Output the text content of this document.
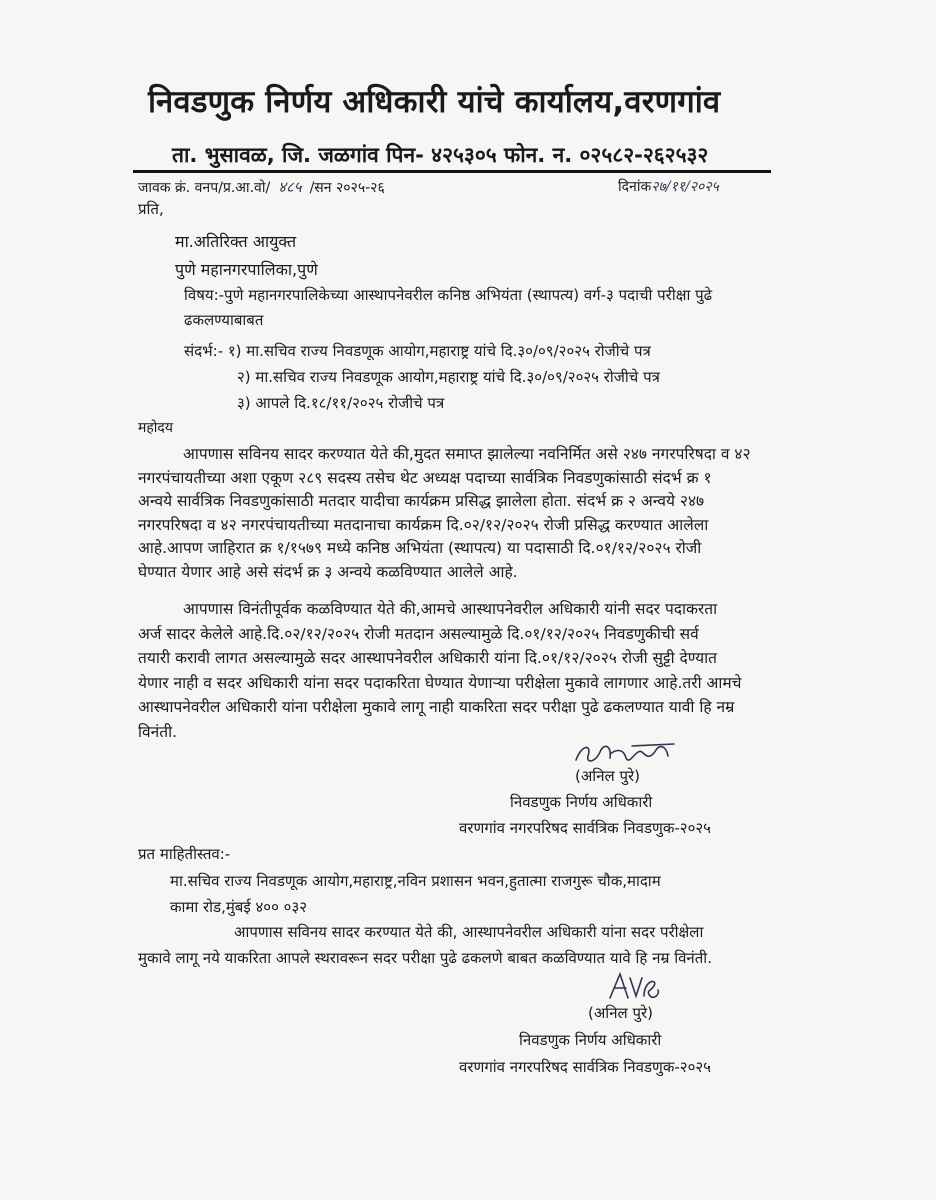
निवडणुक निर्णय अधिकारी यांचे कार्यालय,वरणगांव
ता. भुसावळ, जि. जळगांव पिन- ४२५३०५ फोन. न. ०२५८२-२६२५३२
जावक क्रं. वनप/प्र.आ.वो/ ४८५ /सन २०२५-२६	दिनांक२७/११/२०२५
प्रति,
मा.अतिरिक्त आयुक्त
पुणे महानगरपालिका,पुणे
विषय:-पुणे महानगरपालिकेच्या आस्थापनेवरील कनिष्ठ अभियंता (स्थापत्य) वर्ग-३ पदाची परीक्षा पुढे
ढकलण्याबाबत
संदर्भ:- १) मा.सचिव राज्य निवडणूक आयोग,महाराष्ट्र यांचे दि.३०/०९/२०२५ रोजीचे पत्र
२) मा.सचिव राज्य निवडणूक आयोग,महाराष्ट्र यांचे दि.३०/०९/२०२५ रोजीचे पत्र
३) आपले दि.१८/११/२०२५ रोजीचे पत्र
महोदय
आपणास सविनय सादर करण्यात येते की,मुदत समाप्त झालेल्या नवनिर्मित असे २४७ नगरपरिषदा व ४२
नगरपंचायतीच्या अशा एकूण २८९ सदस्य तसेच थेट अध्यक्ष पदाच्या सार्वत्रिक निवडणुकांसाठी संदर्भ क्र १
अन्वये सार्वत्रिक निवडणुकांसाठी मतदार यादीचा कार्यक्रम प्रसिद्ध झालेला होता. संदर्भ क्र २ अन्वये २४७
नगरपरिषदा व ४२ नगरपंचायतीच्या मतदानाचा कार्यक्रम दि.०२/१२/२०२५ रोजी प्रसिद्ध करण्यात आलेला
आहे.आपण जाहिरात क्र १/१५७९ मध्ये कनिष्ठ अभियंता (स्थापत्य) या पदासाठी दि.०१/१२/२०२५ रोजी
घेण्यात येणार आहे असे संदर्भ क्र ३ अन्वये कळविण्यात आलेले आहे.
आपणास विनंतीपूर्वक कळविण्यात येते की,आमचे आस्थापनेवरील अधिकारी यांनी सदर पदाकरता
अर्ज सादर केलेले आहे.दि.०२/१२/२०२५ रोजी मतदान असल्यामुळे दि.०१/१२/२०२५ निवडणुकीची सर्व
तयारी करावी लागत असल्यामुळे सदर आस्थापनेवरील अधिकारी यांना दि.०१/१२/२०२५ रोजी सुट्टी देण्यात
येणार नाही व सदर अधिकारी यांना सदर पदाकरिता घेण्यात येणाऱ्या परीक्षेला मुकावे लागणार आहे.तरी आमचे
आस्थापनेवरील अधिकारी यांना परीक्षेला मुकावे लागू नाही याकरिता सदर परीक्षा पुढे ढकलण्यात यावी हि नम्र
विनंती.
(अनिल पुरे)
निवडणुक निर्णय अधिकारी
वरणगांव नगरपरिषद सार्वत्रिक निवडणुक-२०२५
प्रत माहितीस्तव:-
मा.सचिव राज्य निवडणूक आयोग,महाराष्ट्र,नविन प्रशासन भवन,हुतात्मा राजगुरू चौक,मादाम
कामा रोड,मुंबई ४०० ०३२
आपणास सविनय सादर करण्यात येते की, आस्थापनेवरील अधिकारी यांना सदर परीक्षेला
मुकावे लागू नये याकरिता आपले स्थरावरून सदर परीक्षा पुढे ढकलणे बाबत कळविण्यात यावे हि नम्र विनंती.
(अनिल पुरे)
निवडणुक निर्णय अधिकारी
वरणगांव नगरपरिषद सार्वत्रिक निवडणुक-२०२५
